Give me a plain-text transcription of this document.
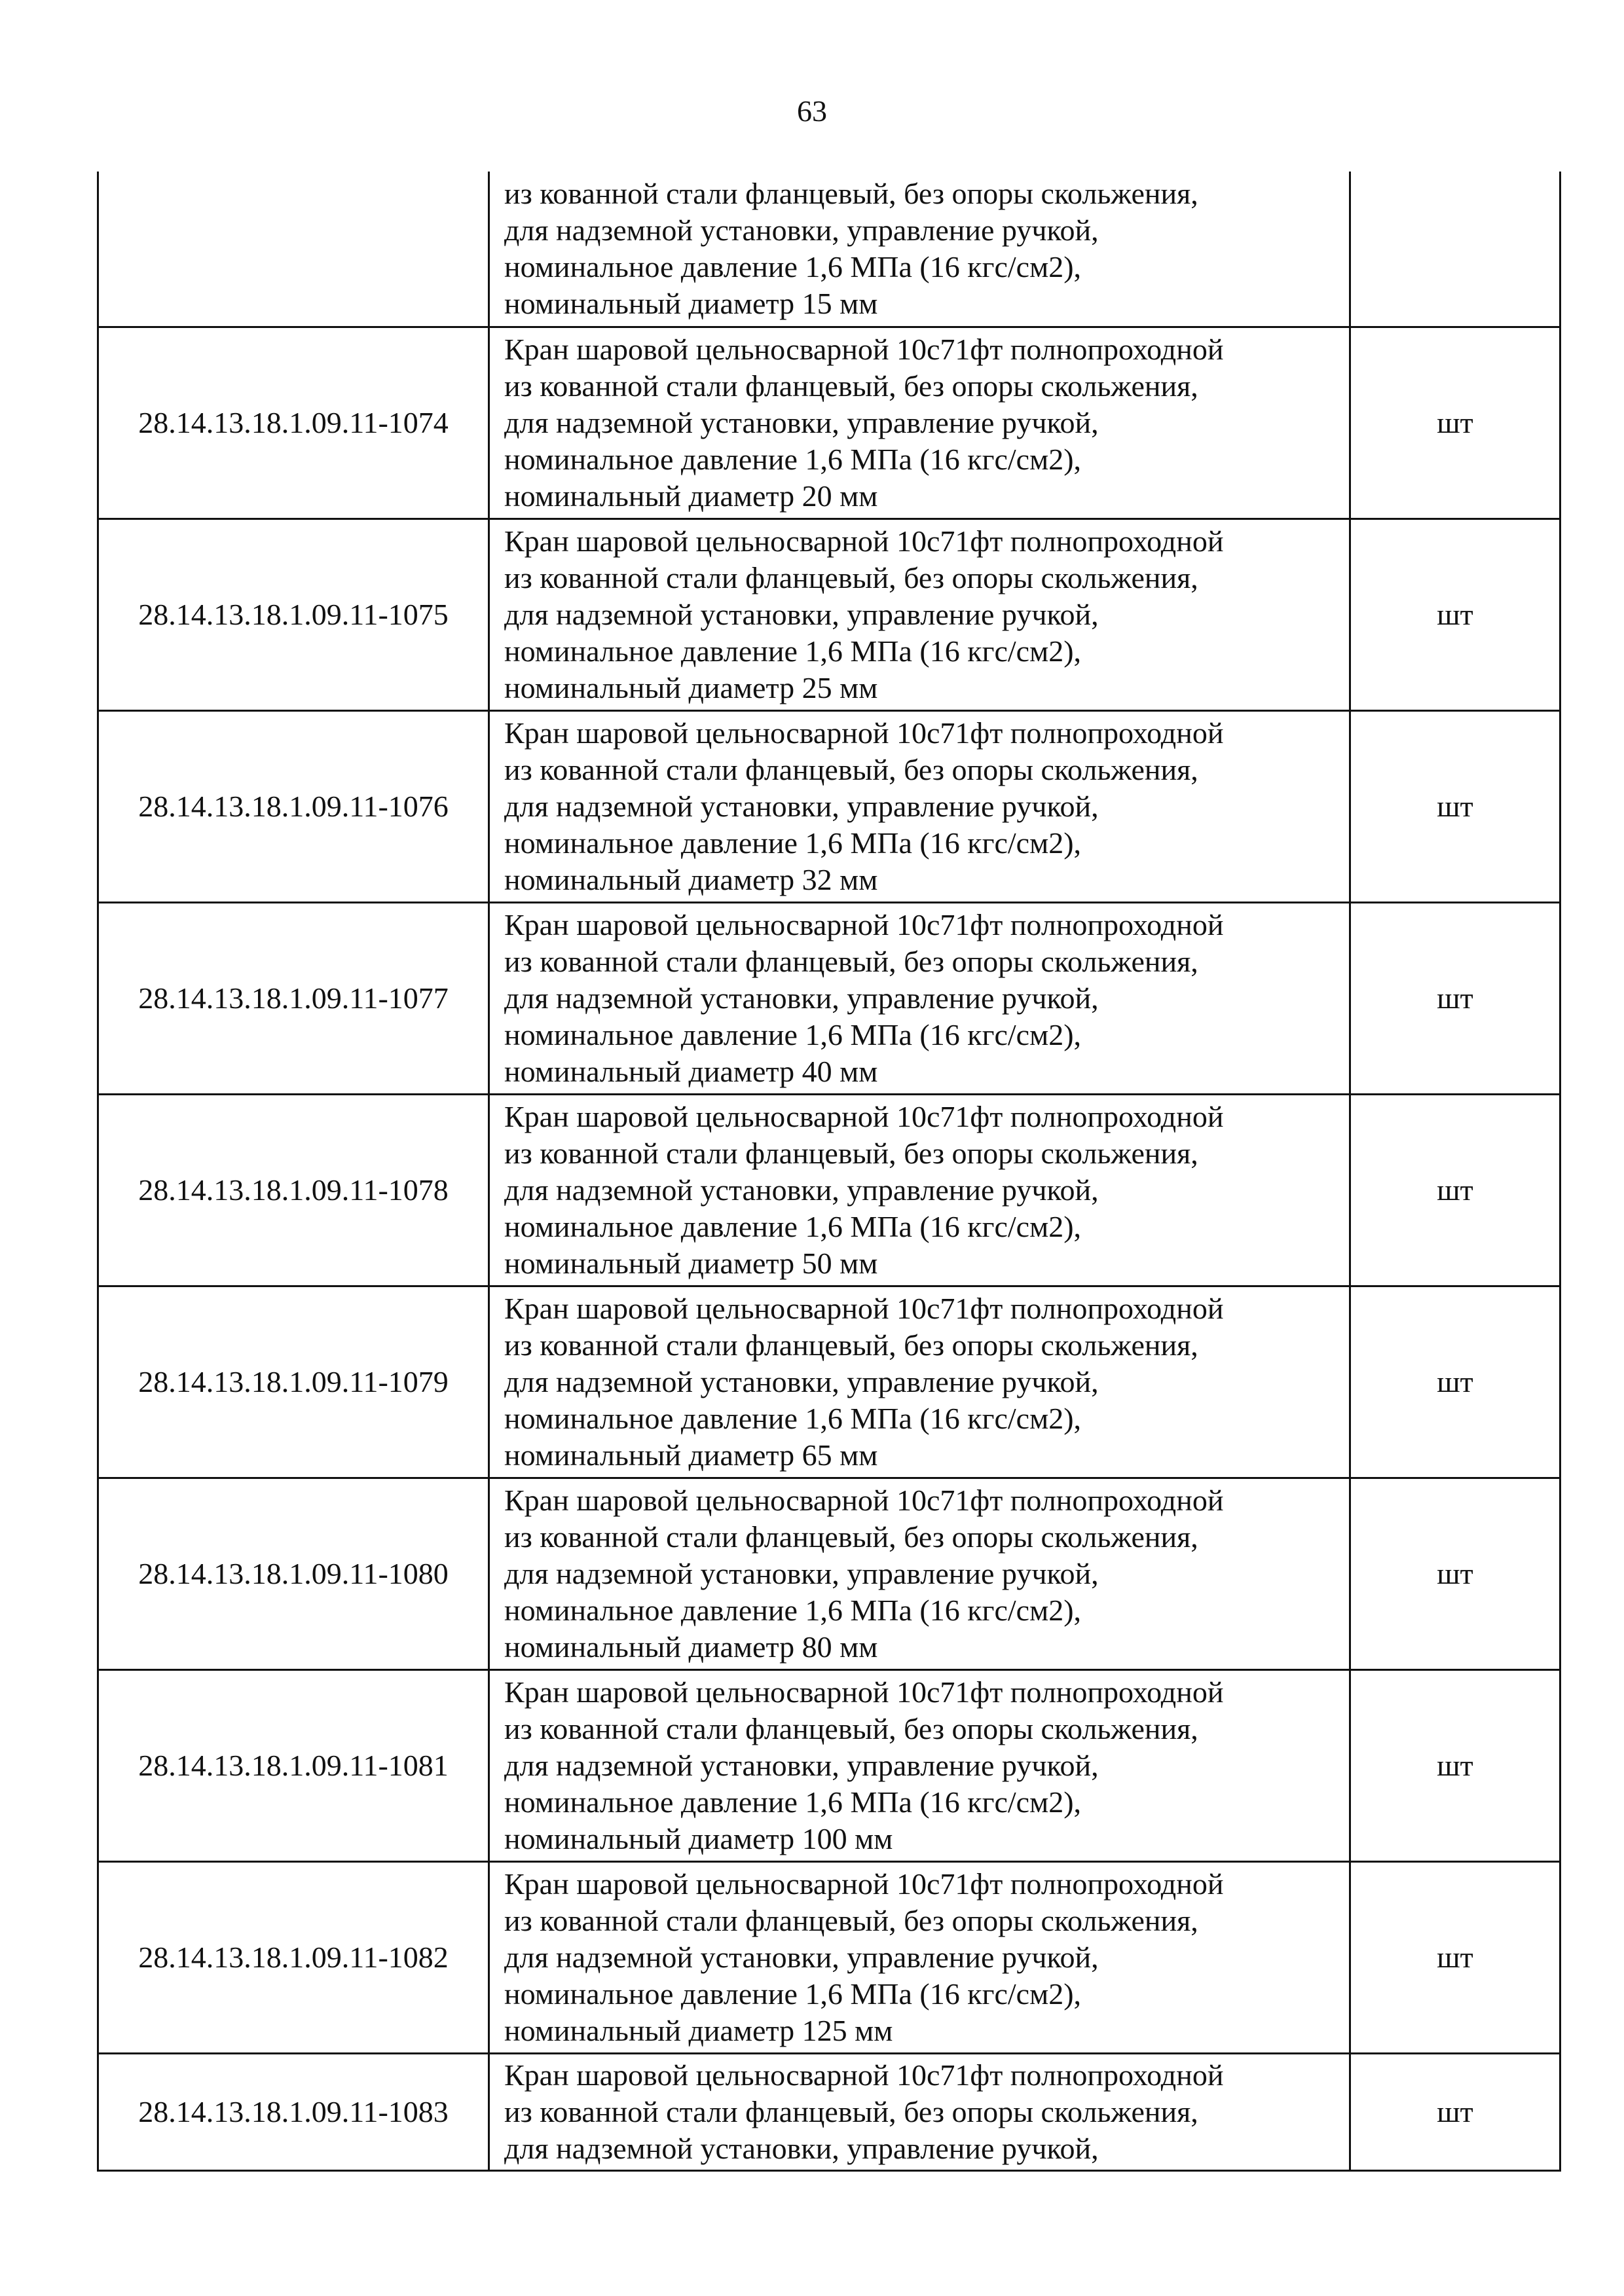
63

	из кованной стали фланцевый, без опоры скольжения,
для надземной установки, управление ручкой,
номинальное давление 1,6 МПа (16 кгс/см2),
номинальный диаметр 15 мм	

28.14.13.18.1.09.11-1074	Кран шаровой цельносварной 10с71фт полнопроходной
из кованной стали фланцевый, без опоры скольжения,
для надземной установки, управление ручкой,
номинальное давление 1,6 МПа (16 кгс/см2),
номинальный диаметр 20 мм	шт
28.14.13.18.1.09.11-1075	Кран шаровой цельносварной 10с71фт полнопроходной
из кованной стали фланцевый, без опоры скольжения,
для надземной установки, управление ручкой,
номинальное давление 1,6 МПа (16 кгс/см2),
номинальный диаметр 25 мм	шт
28.14.13.18.1.09.11-1076	Кран шаровой цельносварной 10с71фт полнопроходной
из кованной стали фланцевый, без опоры скольжения,
для надземной установки, управление ручкой,
номинальное давление 1,6 МПа (16 кгс/см2),
номинальный диаметр 32 мм	шт
28.14.13.18.1.09.11-1077	Кран шаровой цельносварной 10с71фт полнопроходной
из кованной стали фланцевый, без опоры скольжения,
для надземной установки, управление ручкой,
номинальное давление 1,6 МПа (16 кгс/см2),
номинальный диаметр 40 мм	шт
28.14.13.18.1.09.11-1078	Кран шаровой цельносварной 10с71фт полнопроходной
из кованной стали фланцевый, без опоры скольжения,
для надземной установки, управление ручкой,
номинальное давление 1,6 МПа (16 кгс/см2),
номинальный диаметр 50 мм	шт
28.14.13.18.1.09.11-1079	Кран шаровой цельносварной 10с71фт полнопроходной
из кованной стали фланцевый, без опоры скольжения,
для надземной установки, управление ручкой,
номинальное давление 1,6 МПа (16 кгс/см2),
номинальный диаметр 65 мм	шт
28.14.13.18.1.09.11-1080	Кран шаровой цельносварной 10с71фт полнопроходной
из кованной стали фланцевый, без опоры скольжения,
для надземной установки, управление ручкой,
номинальное давление 1,6 МПа (16 кгс/см2),
номинальный диаметр 80 мм	шт
28.14.13.18.1.09.11-1081	Кран шаровой цельносварной 10с71фт полнопроходной
из кованной стали фланцевый, без опоры скольжения,
для надземной установки, управление ручкой,
номинальное давление 1,6 МПа (16 кгс/см2),
номинальный диаметр 100 мм	шт
28.14.13.18.1.09.11-1082	Кран шаровой цельносварной 10с71фт полнопроходной
из кованной стали фланцевый, без опоры скольжения,
для надземной установки, управление ручкой,
номинальное давление 1,6 МПа (16 кгс/см2),
номинальный диаметр 125 мм	шт
28.14.13.18.1.09.11-1083	Кран шаровой цельносварной 10с71фт полнопроходной
из кованной стали фланцевый, без опоры скольжения,
для надземной установки, управление ручкой,	шт
